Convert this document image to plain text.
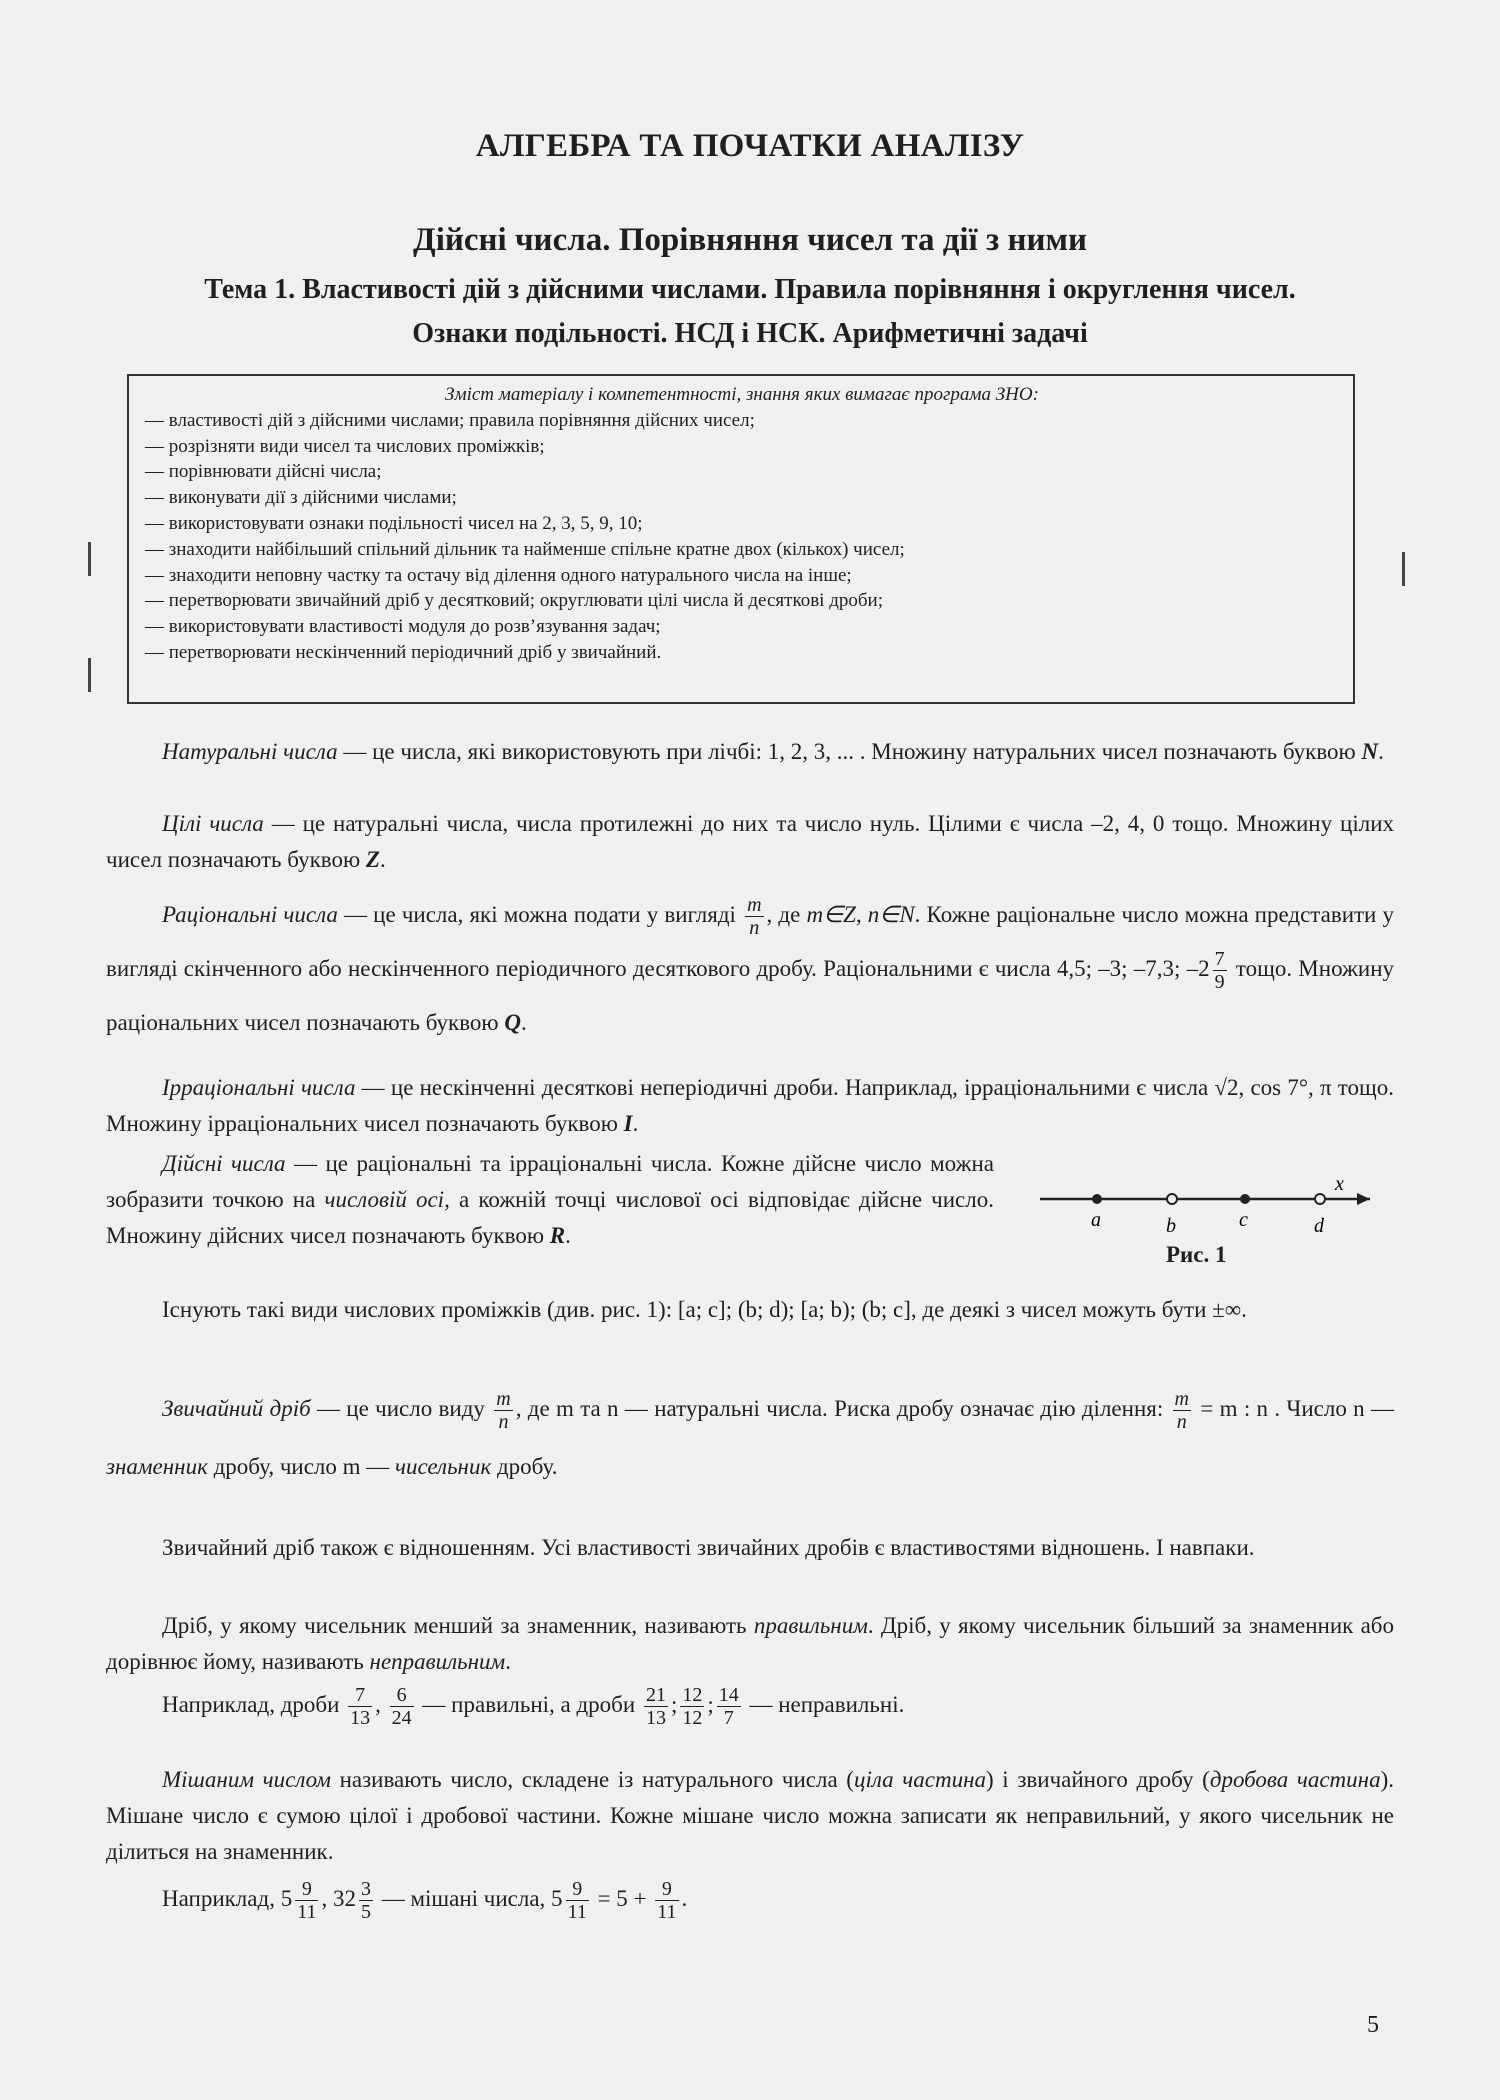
АЛГЕБРА ТА ПОЧАТКИ АНАЛІЗУ
Дійсні числа. Порівняння чисел та дії з ними
Тема 1. Властивості дій з дійсними числами. Правила порівняння і округлення чисел.
Ознаки подільності. НСД і НСК. Арифметичні задачі
Зміст матеріалу і компетентності, знання яких вимагає програма ЗНО:
— властивості дій з дійсними числами; правила порівняння дійсних чисел;
— розрізняти види чисел та числових проміжків;
— порівнювати дійсні числа;
— виконувати дії з дійсними числами;
— використовувати ознаки подільності чисел на 2, 3, 5, 9, 10;
— знаходити найбільший спільний дільник та найменше спільне кратне двох (кількох) чисел;
— знаходити неповну частку та остачу від ділення одного натурального числа на інше;
— перетворювати звичайний дріб у десятковий; округлювати цілі числа й десяткові дроби;
— використовувати властивості модуля до розв’язування задач;
— перетворювати нескінченний періодичний дріб у звичайний.
Натуральні числа — це числа, які використовують при лічбі: 1, 2, 3, ... . Множину натуральних чисел позначають буквою N.
Цілі числа — це натуральні числа, числа протилежні до них та число нуль. Цілими є числа –2, 4, 0 тощо. Множину цілих чисел позначають буквою Z.
Раціональні числа — це числа, які можна подати у вигляді $\frac{m}{n}$ , де m∈Z, n∈N. Кожне раціональне число можна представити у вигляді скінченного або нескінченного періодичного десяткового дробу. Раціональними є числа 4,5; –3; –7,3; $-2 \frac{7}{9}$ тощо. Множину раціональних чисел позначають буквою Q.
Ірраціональні числа — це нескінченні десяткові неперіодичні дроби. Наприклад, ірраціональними є числа √2, cos 7°, π тощо. Множину ірраціональних чисел позначають буквою I.
Дійсні числа — це раціональні та ірраціональні числа. Кожне дійсне число можна зобразити точкою на числовій осі, а кожній точці числової осі відповідає дійсне число. Множину дійсних чисел позначають буквою R.
x
a	b	c	d
Рис. 1
Існують такі види числових проміжків (див. рис. 1): [a; c]; (b; d); [a; b); (b; c], де деякі з чисел можуть бути ±∞.
Звичайний дріб — це число виду $\frac{m}{n}$ , де m та n — натуральні числа. Риска дробу означає дію ділення: $\frac{m}{n} = m$ : n . Число n — знаменник дробу, число m — чисельник дробу.
Звичайний дріб також є відношенням. Усі властивості звичайних дробів є властивостями відношень. І навпаки.
Дріб, у якому чисельник менший за знаменник, називають правильним. Дріб, у якому чисельник більший за знаменник або дорівнює йому, називають неправильним.
Наприклад, дроби $\frac{7}{13}$ , $\frac{6}{24}$ — правильні, а дроби $\frac{21}{13}$ ; $\frac{12}{12}$ ; $\frac{14}{7}$ — неправильні.
Мішаним числом називають число, складене із натурального числа (ціла частина) і звичайного дробу (дробова частина). Мішане число є сумою цілої і дробової частини. Кожне мішане число можна записати як неправильний, у якого чисельник не ділиться на знаменник.
Наприклад, $5 \frac{9}{11}$ , $32 \frac{3}{5}$ — мішані числа, $5 \frac{9}{11} = 5 + \frac{9}{11}$ .
5
